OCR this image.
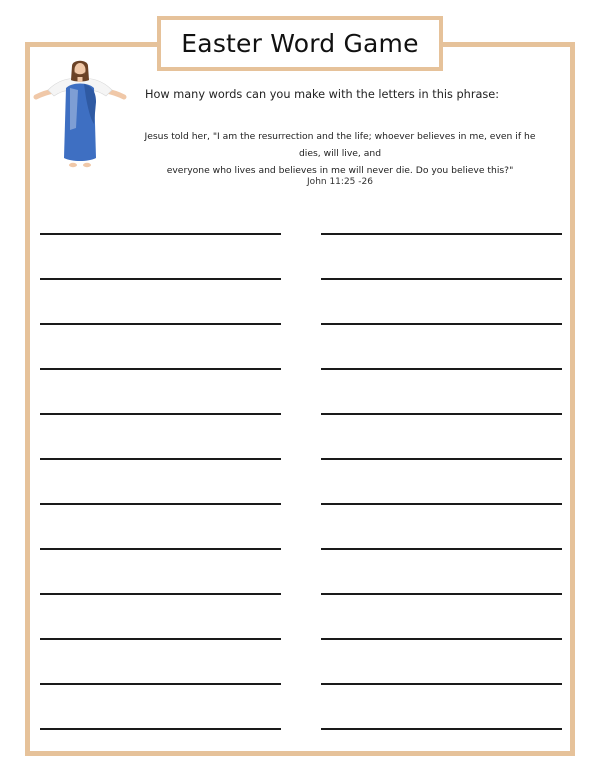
Easter Word Game
How many words can you make with the letters in this phrase:
Jesus told her, "I am the resurrection and the life; whoever believes in me, even if he dies, will live, and
everyone who lives and believes in me will never die. Do you believe this?"
John 11:25 -26
